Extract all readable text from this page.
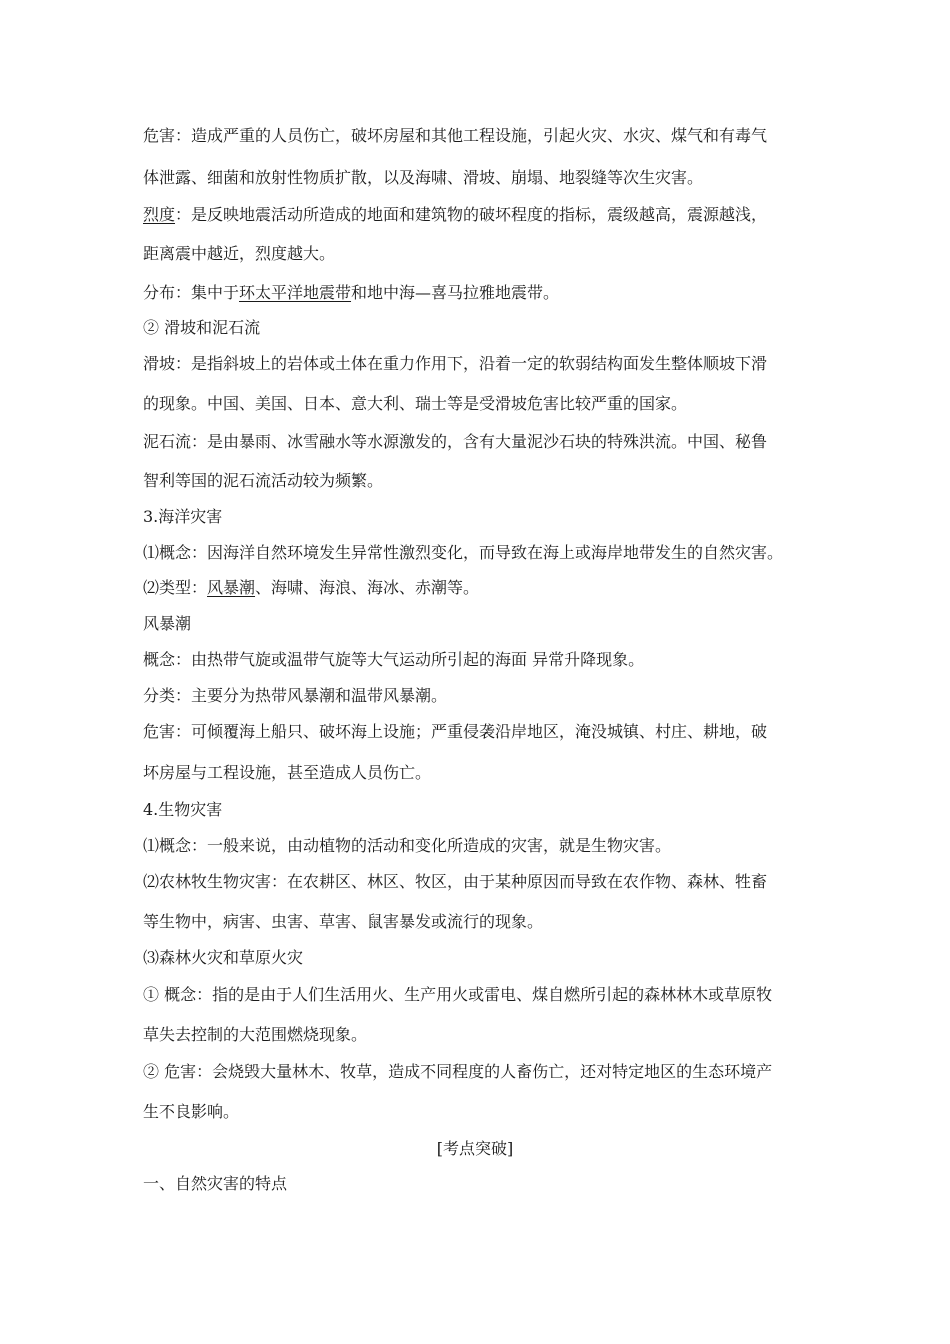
危害：造成严重的人员伤亡，破坏房屋和其他工程设施，引起火灾、水灾、煤气和有毒气
体泄露、细菌和放射性物质扩散，以及海啸、滑坡、崩塌、地裂缝等次生灾害。
烈度：是反映地震活动所造成的地面和建筑物的破坏程度的指标，震级越高，震源越浅，
距离震中越近，烈度越大。
分布：集中于环太平洋地震带和地中海—喜马拉雅地震带。
② 滑坡和泥石流
滑坡：是指斜坡上的岩体或土体在重力作用下，沿着一定的软弱结构面发生整体顺坡下滑
的现象。中国、美国、日本、意大利、瑞士等是受滑坡危害比较严重的国家。
泥石流：是由暴雨、冰雪融水等水源激发的，含有大量泥沙石块的特殊洪流。中国、秘鲁
智利等国的泥石流活动较为频繁。
3.海洋灾害
⑴概念：因海洋自然环境发生异常性激烈变化，而导致在海上或海岸地带发生的自然灾害。
⑵类型：风暴潮、海啸、海浪、海冰、赤潮等。
风暴潮
概念：由热带气旋或温带气旋等大气运动所引起的海面 异常升降现象。
分类：主要分为热带风暴潮和温带风暴潮。
危害：可倾覆海上船只、破坏海上设施；严重侵袭沿岸地区，淹没城镇、村庄、耕地，破
坏房屋与工程设施，甚至造成人员伤亡。
4.生物灾害
⑴概念：一般来说，由动植物的活动和变化所造成的灾害，就是生物灾害。
⑵农林牧生物灾害：在农耕区、林区、牧区，由于某种原因而导致在农作物、森林、牲畜
等生物中，病害、虫害、草害、鼠害暴发或流行的现象。
⑶森林火灾和草原火灾
① 概念：指的是由于人们生活用火、生产用火或雷电、煤自燃所引起的森林林木或草原牧
草失去控制的大范围燃烧现象。
② 危害：会烧毁大量林木、牧草，造成不同程度的人畜伤亡，还对特定地区的生态环境产
生不良影响。
[考点突破]
一、自然灾害的特点
